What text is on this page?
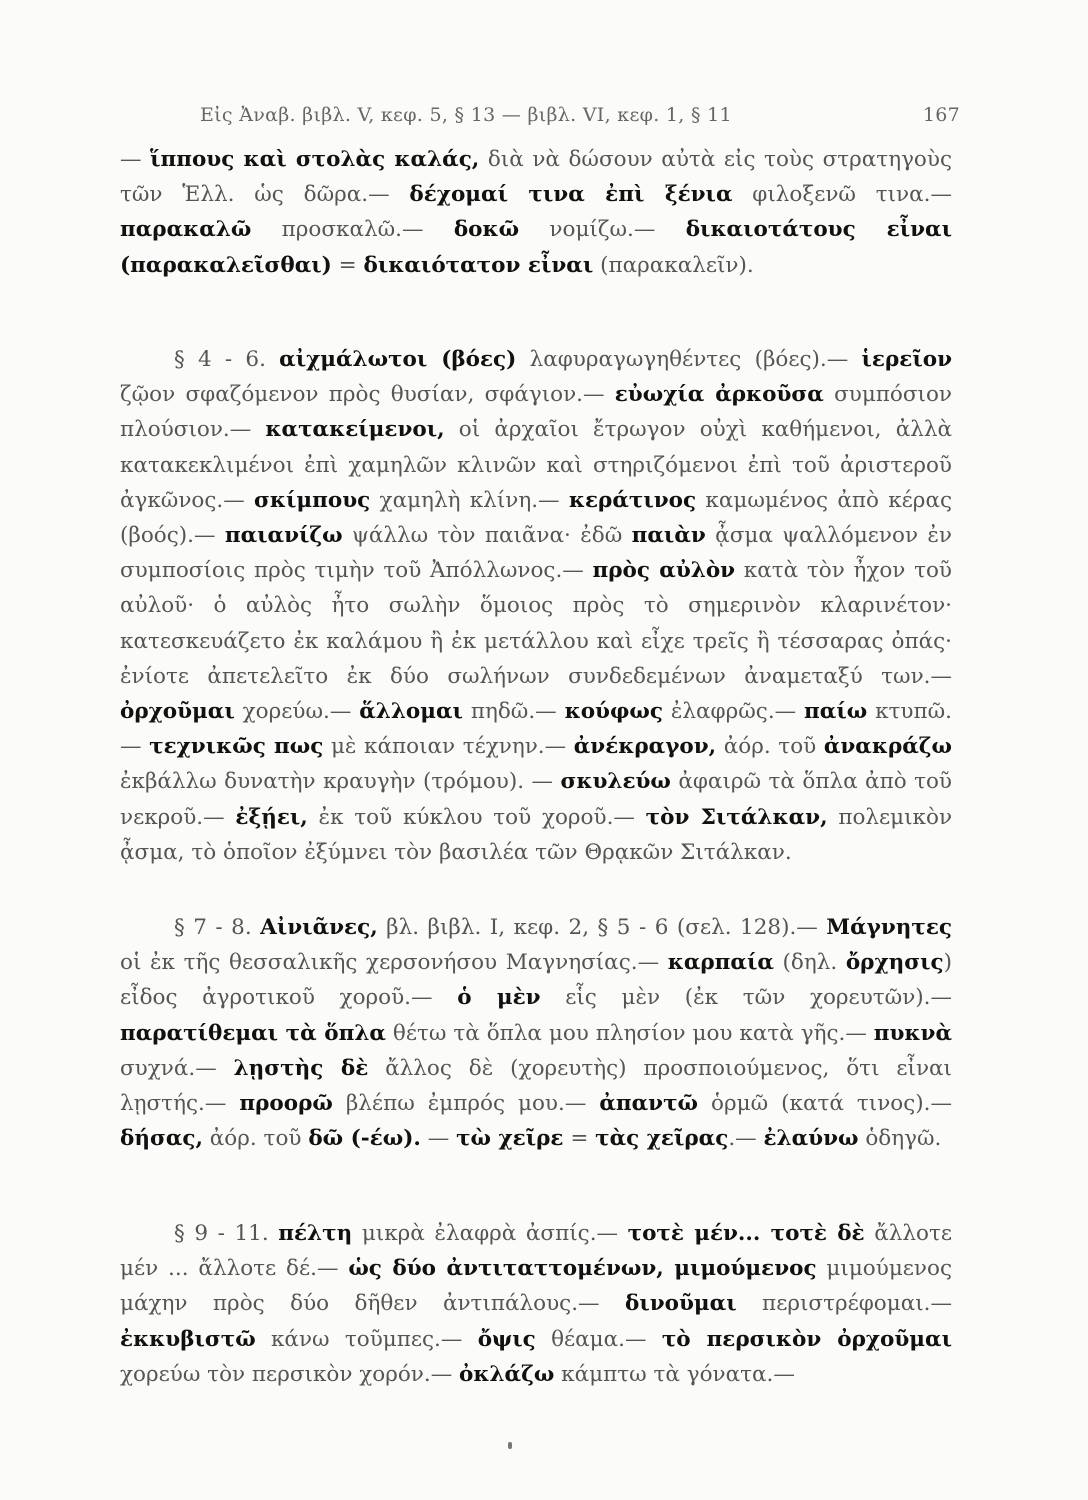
Εἰς Ἀναβ. βιβλ. V, κεφ. 5, § 13 — βιβλ. VI, κεφ. 1, § 11	167
— ἵππους καὶ στολὰς καλάς, διὰ νὰ δώσουν αὐτὰ εἰς τοὺς στρατηγοὺς τῶν Ἑλλ. ὡς δῶρα.— δέχομαί τινα ἐπὶ ξένια φιλοξενῶ τινα.— παρακαλῶ προσκαλῶ.— δοκῶ νομίζω.— δικαιοτάτους εἶναι (παρακαλεῖσθαι) = δικαιότατον εἶναι (παρακαλεῖν).
§ 4 - 6. αἰχμάλωτοι (βόες) λαφυραγωγηθέντες (βόες).— ἱερεῖον ζῷον σφαζόμενον πρὸς θυσίαν, σφάγιον.— εὐωχία ἀρκοῦσα συμπόσιον πλούσιον.— κατακείμενοι, οἱ ἀρχαῖοι ἔτρωγον οὐχὶ καθήμενοι, ἀλλὰ κατακεκλιμένοι ἐπὶ χαμηλῶν κλινῶν καὶ στηριζόμενοι ἐπὶ τοῦ ἀριστεροῦ ἀγκῶνος.— σκίμπους χαμηλὴ κλίνη.— κεράτινος καμωμένος ἀπὸ κέρας (βοός).— παιανίζω ψάλλω τὸν παιᾶνα· ἐδῶ παιὰν ᾆσμα ψαλλόμενον ἐν συμποσίοις πρὸς τιμὴν τοῦ Ἀπόλλωνος.— πρὸς αὐλὸν κατὰ τὸν ἦχον τοῦ αὐλοῦ· ὁ αὐλὸς ἦτο σωλὴν ὅμοιος πρὸς τὸ σημερινὸν κλαρινέτον· κατεσκευάζετο ἐκ καλάμου ἢ ἐκ μετάλλου καὶ εἶχε τρεῖς ἢ τέσσαρας ὀπάς· ἐνίοτε ἀπετελεῖτο ἐκ δύο σωλήνων συνδεδεμένων ἀναμεταξύ των.— ὀρχοῦμαι χορεύω.— ἅλλομαι πηδῶ.— κούφως ἐλαφρῶς.— παίω κτυπῶ.— τεχνικῶς πως μὲ κάποιαν τέχνην.— ἀνέκραγον, ἀόρ. τοῦ ἀνακράζω ἐκβάλλω δυνατὴν κραυγὴν (τρόμου). — σκυλεύω ἀφαιρῶ τὰ ὅπλα ἀπὸ τοῦ νεκροῦ.— ἐξῄει, ἐκ τοῦ κύκλου τοῦ χοροῦ.— τὸν Σιτάλκαν, πολεμικὸν ᾆσμα, τὸ ὁποῖον ἐξύμνει τὸν βασιλέα τῶν Θρᾳκῶν Σιτάλκαν.
§ 7 - 8. Αἰνιᾶνες, βλ. βιβλ. I, κεφ. 2, § 5 - 6 (σελ. 128).— Μάγνητες οἱ ἐκ τῆς θεσσαλικῆς χερσονήσου Μαγνησίας.— καρπαία (δηλ. ὄρχησις) εἶδος ἀγροτικοῦ χοροῦ.— ὁ μὲν εἷς μὲν (ἐκ τῶν χορευτῶν).— παρατίθεμαι τὰ ὅπλα θέτω τὰ ὅπλα μου πλησίον μου κατὰ γῆς.— πυκνὰ συχνά.— λῃστὴς δὲ ἄλλος δὲ (χορευτὴς) προσποιούμενος, ὅτι εἶναι λῃστής.— προορῶ βλέπω ἐμπρός μου.— ἀπαντῶ ὁρμῶ (κατά τινος).— δήσας, ἀόρ. τοῦ δῶ (-έω). — τὼ χεῖρε = τὰς χεῖρας.— ἐλαύνω ὁδηγῶ.
§ 9 - 11. πέλτη μικρὰ ἐλαφρὰ ἀσπίς.— τοτὲ μέν... τοτὲ δὲ ἄλλοτε μέν ... ἄλλοτε δέ.— ὡς δύο ἀντιταττομένων, μιμούμενος μιμούμενος μάχην πρὸς δύο δῆθεν ἀντιπάλους.— δινοῦμαι περιστρέφομαι.— ἐκκυβιστῶ κάνω τοῦμπες.— ὄψις θέαμα.— τὸ περσικὸν ὀρχοῦμαι χορεύω τὸν περσικὸν χορόν.— ὀκλάζω κάμπτω τὰ γόνατα.—
